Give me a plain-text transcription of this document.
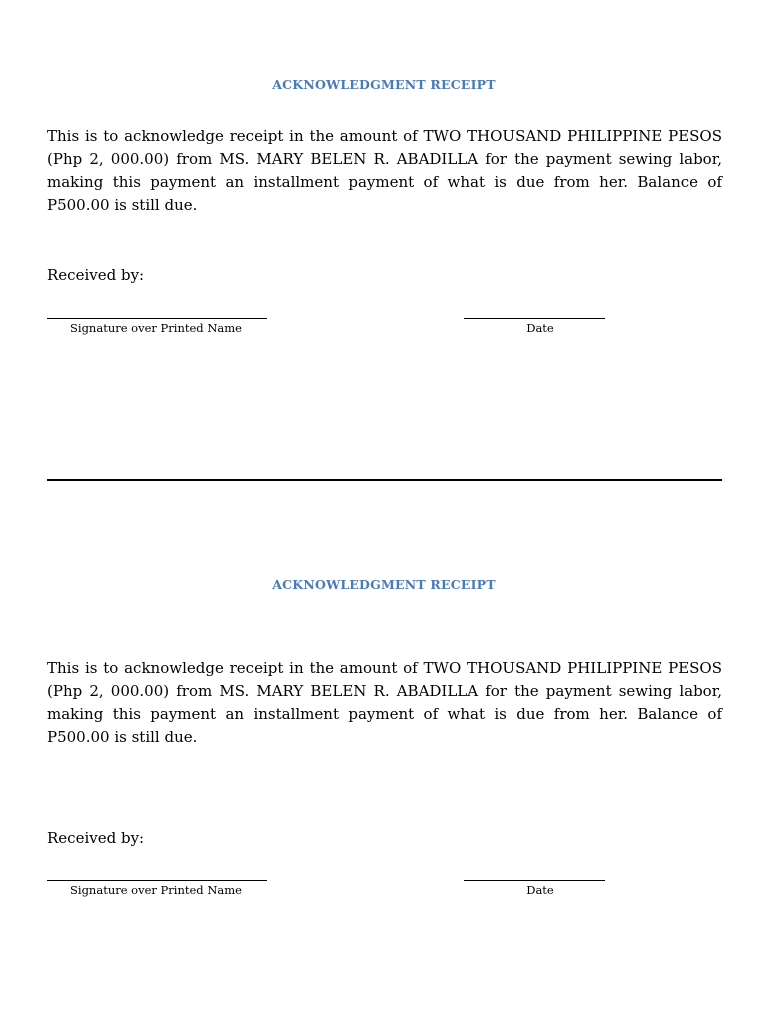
ACKNOWLEDGMENT RECEIPT

This is to acknowledge receipt in the amount of TWO THOUSAND PHILIPPINE PESOS (Php 2, 000.00) from MS. MARY BELEN R. ABADILLA for the payment sewing labor, making this payment an installment payment of what is due from her. Balance of P500.00 is still due.

Received by:
Signature over Printed Name	Date
ACKNOWLEDGMENT RECEIPT

This is to acknowledge receipt in the amount of TWO THOUSAND PHILIPPINE PESOS (Php 2, 000.00) from MS. MARY BELEN R. ABADILLA for the payment sewing labor, making this payment an installment payment of what is due from her. Balance of P500.00 is still due.

Received by:
Signature over Printed Name	Date
